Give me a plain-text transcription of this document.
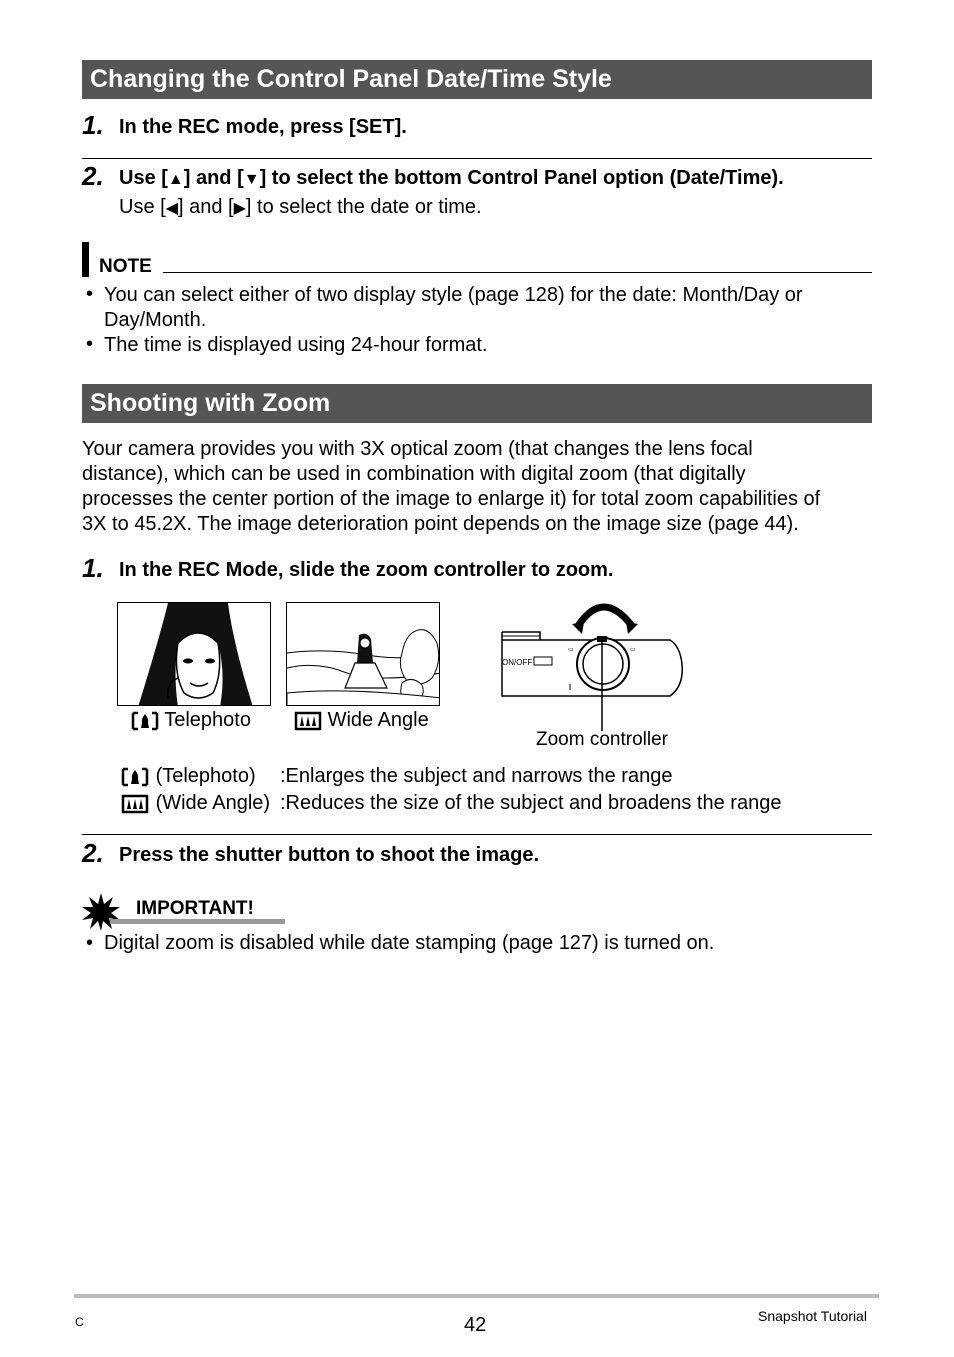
Changing the Control Panel Date/Time Style
1. In the REC mode, press [SET].
2. Use [▲] and [▼] to select the bottom Control Panel option (Date/Time).
Use [◀] and [▶] to select the date or time.
NOTE
• You can select either of two display style (page 128) for the date: Month/Day or
Day/Month.
• The time is displayed using 24-hour format.
Shooting with Zoom
Your camera provides you with 3X optical zoom (that changes the lens focal
distance), which can be used in combination with digital zoom (that digitally
processes the center portion of the image to enlarge it) for total zoom capabilities of
3X to 45.2X. The image deterioration point depends on the image size (page 44).
1. In the REC Mode, slide the zoom controller to zoom.
Telephoto	Wide Angle
▭	▭
ON/OFF
Zoom controller
(Telephoto) :Enlarges the subject and narrows the range
(Wide Angle) :Reduces the size of the subject and broadens the range
2. Press the shutter button to shoot the image.
IMPORTANT!
• Digital zoom is disabled while date stamping (page 127) is turned on.
C	42	Snapshot Tutorial
